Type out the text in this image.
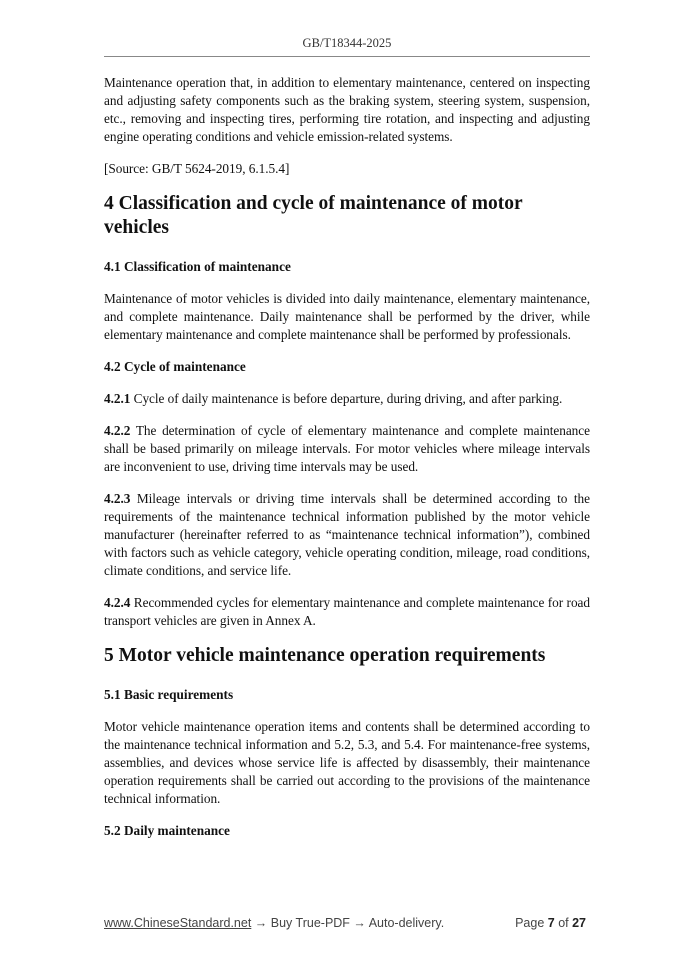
GB/T18344-2025

Maintenance operation that, in addition to elementary maintenance, centered on inspecting and adjusting safety components such as the braking system, steering system, suspension, etc., removing and inspecting tires, performing tire rotation, and inspecting and adjusting engine operating conditions and vehicle emission-related systems.

[Source: GB/T 5624-2019, 6.1.5.4]

4 Classification and cycle of maintenance of motor vehicles
4.1 Classification of maintenance

Maintenance of motor vehicles is divided into daily maintenance, elementary maintenance, and complete maintenance. Daily maintenance shall be performed by the driver, while elementary maintenance and complete maintenance shall be performed by professionals.

4.2 Cycle of maintenance

4.2.1 Cycle of daily maintenance is before departure, during driving, and after parking.

4.2.2 The determination of cycle of elementary maintenance and complete maintenance shall be based primarily on mileage intervals. For motor vehicles where mileage intervals are inconvenient to use, driving time intervals may be used.

4.2.3 Mileage intervals or driving time intervals shall be determined according to the requirements of the maintenance technical information published by the motor vehicle manufacturer (hereinafter referred to as “maintenance technical information”), combined with factors such as vehicle category, vehicle operating condition, mileage, road conditions, climate conditions, and service life.

4.2.4 Recommended cycles for elementary maintenance and complete maintenance for road transport vehicles are given in Annex A.

5 Motor vehicle maintenance operation requirements
5.1 Basic requirements

Motor vehicle maintenance operation items and contents shall be determined according to the maintenance technical information and 5.2, 5.3, and 5.4. For maintenance-free systems, assemblies, and devices whose service life is affected by disassembly, their maintenance operation requirements shall be carried out according to the provisions of the maintenance technical information.

5.2 Daily maintenance
www.ChineseStandard.net → Buy True-PDF → Auto-delivery.	Page 7 of 27
